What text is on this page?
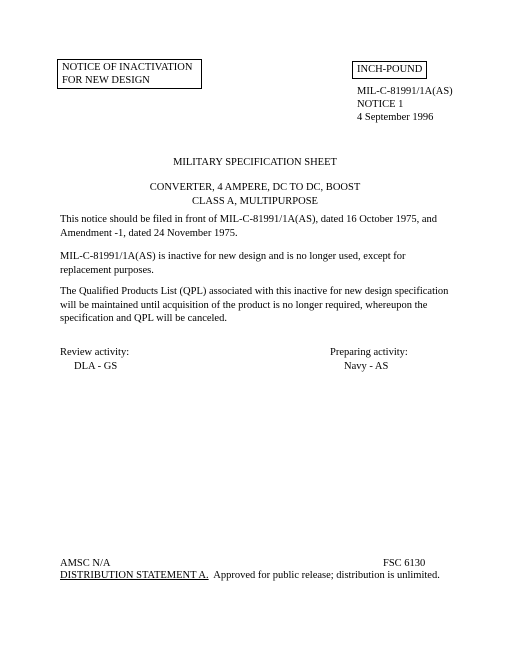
NOTICE OF INACTIVATION
FOR NEW DESIGN
INCH-POUND
MIL-C-81991/1A(AS)
NOTICE 1
4 September 1996
MILITARY SPECIFICATION SHEET
CONVERTER, 4 AMPERE, DC TO DC, BOOST
CLASS A, MULTIPURPOSE
This notice should be filed in front of MIL-C-81991/1A(AS), dated 16 October 1975, and Amendment -1, dated 24 November 1975.
MIL-C-81991/1A(AS) is inactive for new design and is no longer used, except for replacement purposes.
The Qualified Products List (QPL) associated with this inactive for new design specification will be maintained until acquisition of the product is no longer required, whereupon the specification and QPL will be canceled.
Review activity:
DLA - GS
Preparing activity:
Navy - AS
AMSC N/A	FSC 6130
DISTRIBUTION STATEMENT A. Approved for public release; distribution is unlimited.
